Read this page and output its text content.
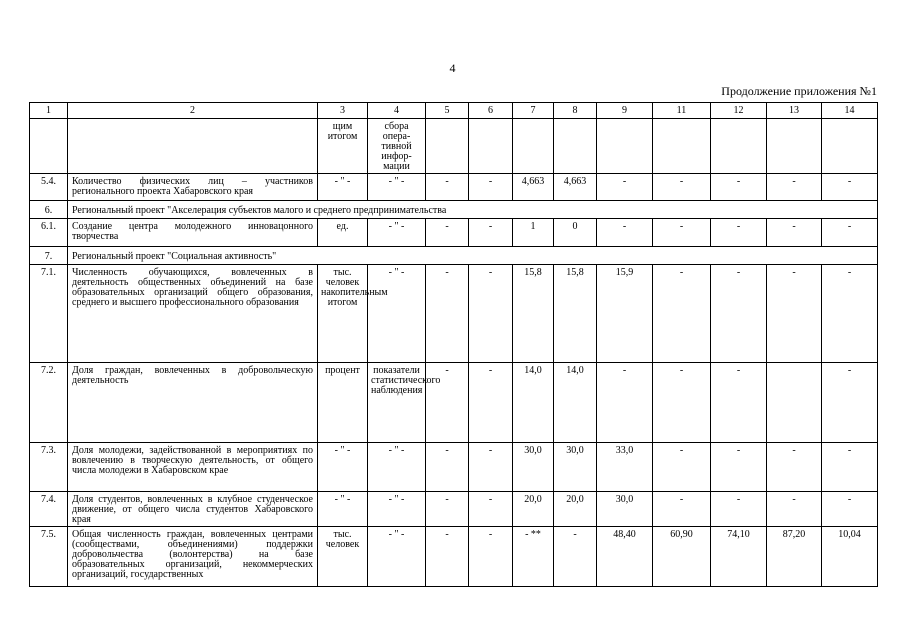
4
Продолжение приложения №1
1	2	3	4	5	6	7	8	9	11	12	13	14
		щим итогом	сбора опера-тивной инфор-мации									
5.4.	Количество физических лиц – участников регионального проекта Хабаровского края	- " -	- " -	-	-	4,663	4,663	-	-	-	-	-
6.	Региональный проект "Акселерация субъектов малого и среднего предпринимательства											
6.1.	Создание центра молодежного инновацонного творчества	ед.	- " -	-	-	1	0	-	-	-	-	-
7.	Региональный проект "Социальная активность"											
7.1.	Численность обучающихся, вовлеченных в деятельность общественных объединений на базе образовательных организаций общего образования, среднего и высшего профессионального образования	тыс. человек накопительным итогом	- " -	-	-	15,8	15,8	15,9	-	-	-	-
7.2.	Доля граждан, вовлеченных в добровольческую деятельность	процент	показатели статистического наблюдения	-	-	14,0	14,0	-	-	-		-
7.3.	Доля молодежи, задействованной в мероприятиях по вовлечению в творческую деятельность, от общего числа молодежи в Хабаровском крае	- " -	- " -	-	-	30,0	30,0	33,0	-	-	-	-
7.4.	Доля студентов, вовлеченных в клубное студенческое движение, от общего числа студентов Хабаровского края	- " -	- " -	-	-	20,0	20,0	30,0	-	-	-	-
7.5.	Общая численность граждан, вовлеченных центрами (сообществами, объединениями) поддержки добровольчества (волонтерства) на базе образовательных организаций, некоммерческих организаций, государственных	тыс. человек	- " -	-	-	- **	-	48,40	60,90	74,10	87,20	10,04
